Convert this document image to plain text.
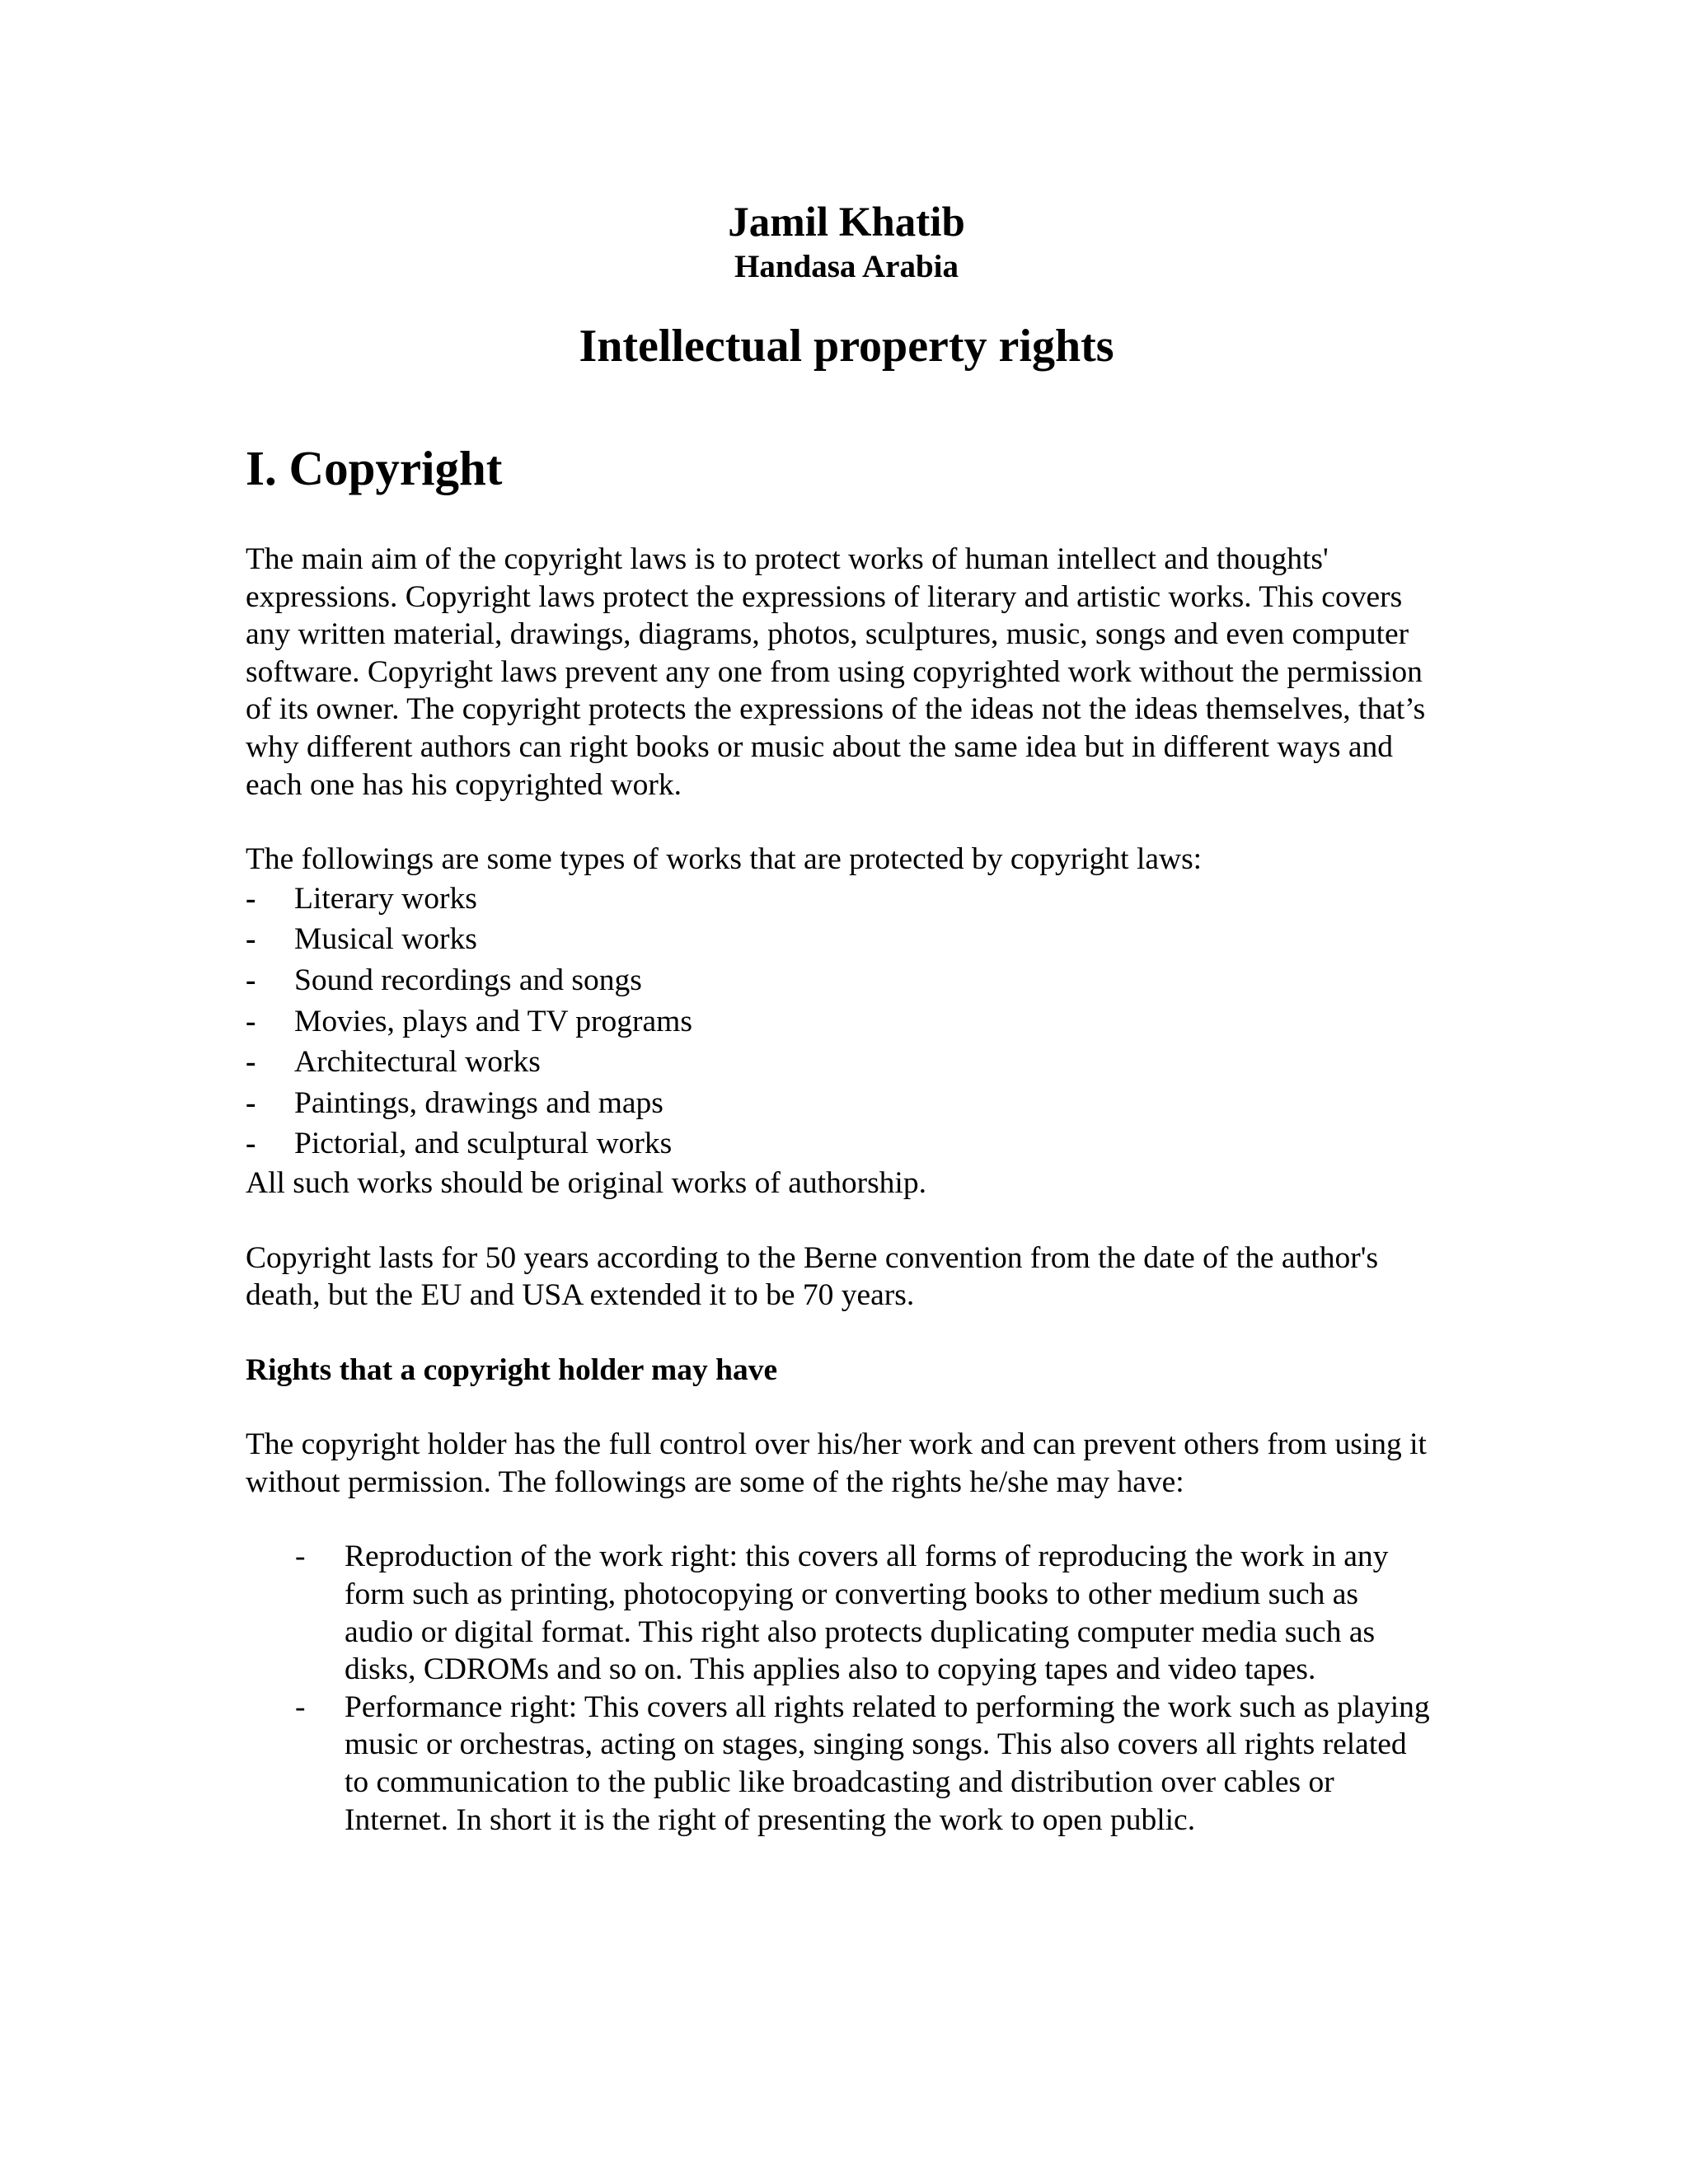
Jamil Khatib
Handasa Arabia
Intellectual property rights
I. Copyright

The main aim of the copyright laws is to protect works of human intellect and thoughts' expressions. Copyright laws protect the expressions of literary and artistic works. This covers any written material, drawings, diagrams, photos, sculptures, music, songs and even computer software. Copyright laws prevent any one from using copyrighted work without the permission of its owner. The copyright protects the expressions of the ideas not the ideas themselves, that’s why different authors can right books or music about the same idea but in different ways and each one has his copyrighted work.

The followings are some types of works that are protected by copyright laws:

- Literary works
- Musical works
- Sound recordings and songs
- Movies, plays and TV programs
- Architectural works
- Paintings, drawings and maps
- Pictorial, and sculptural works

All such works should be original works of authorship.

Copyright lasts for 50 years according to the Berne convention from the date of the author's death, but the EU and USA extended it to be 70 years.

Rights that a copyright holder may have

The copyright holder has the full control over his/her work and can prevent others from using it without permission. The followings are some of the rights he/she may have:

- Reproduction of the work right: this covers all forms of reproducing the work in any form such as printing, photocopying or converting books to other medium such as audio or digital format. This right also protects duplicating computer media such as disks, CDROMs and so on. This applies also to copying tapes and video tapes.
- Performance right: This covers all rights related to performing the work such as playing music or orchestras, acting on stages, singing songs. This also covers all rights related to communication to the public like broadcasting and distribution over cables or Internet. In short it is the right of presenting the work to open public.
